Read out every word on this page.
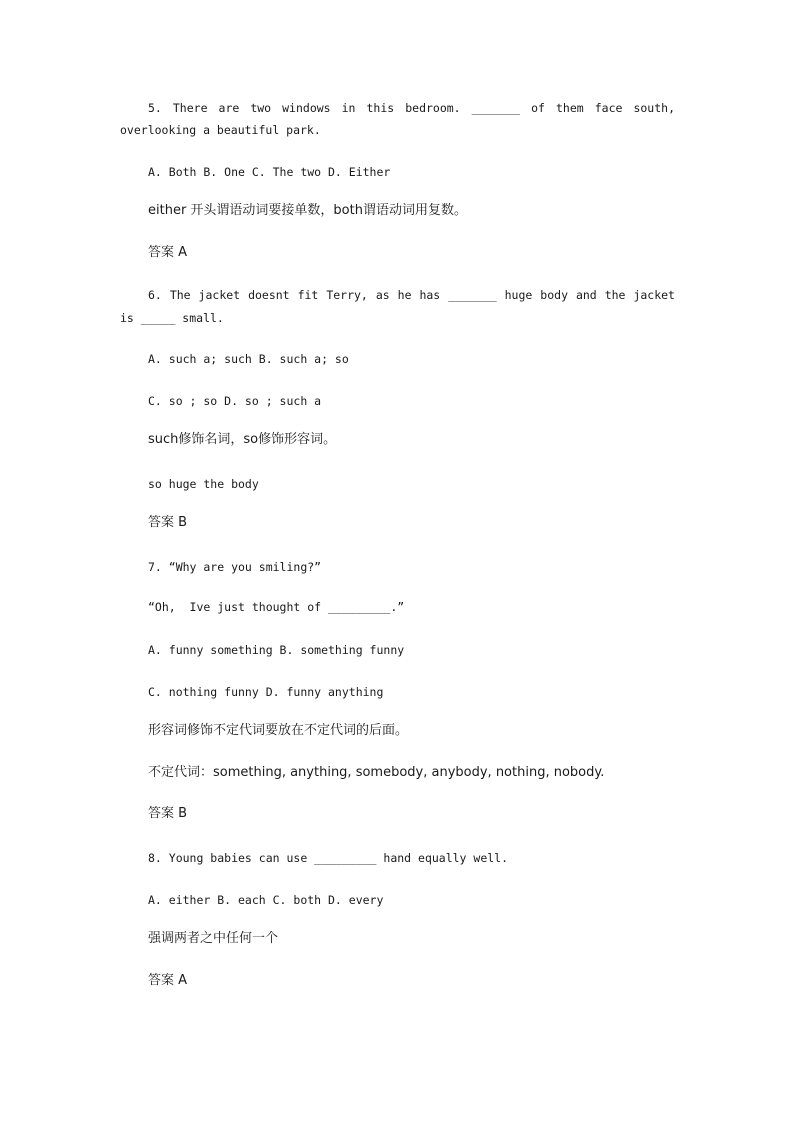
5. There are two windows in this bedroom. _______ of them face south,
overlooking a beautiful park.
A. Both B. One C. The two D. Either
either 开头谓语动词要接单数，both谓语动词用复数。
答案 A
6. The jacket doesnt fit Terry, as he has _______ huge body and the jacket
is _____ small.
A. such a; such B. such a; so
C. so ; so D. so ; such a
such修饰名词，so修饰形容词。
so huge the body
答案 B
7. “Why are you smiling?”
“Oh,  Ive just thought of _________.”
A. funny something B. something funny
C. nothing funny D. funny anything
形容词修饰不定代词要放在不定代词的后面。
不定代词：something, anything, somebody, anybody, nothing, nobody.
答案 B
8. Young babies can use _________ hand equally well.
A. either B. each C. both D. every
强调两者之中任何一个
答案 A
